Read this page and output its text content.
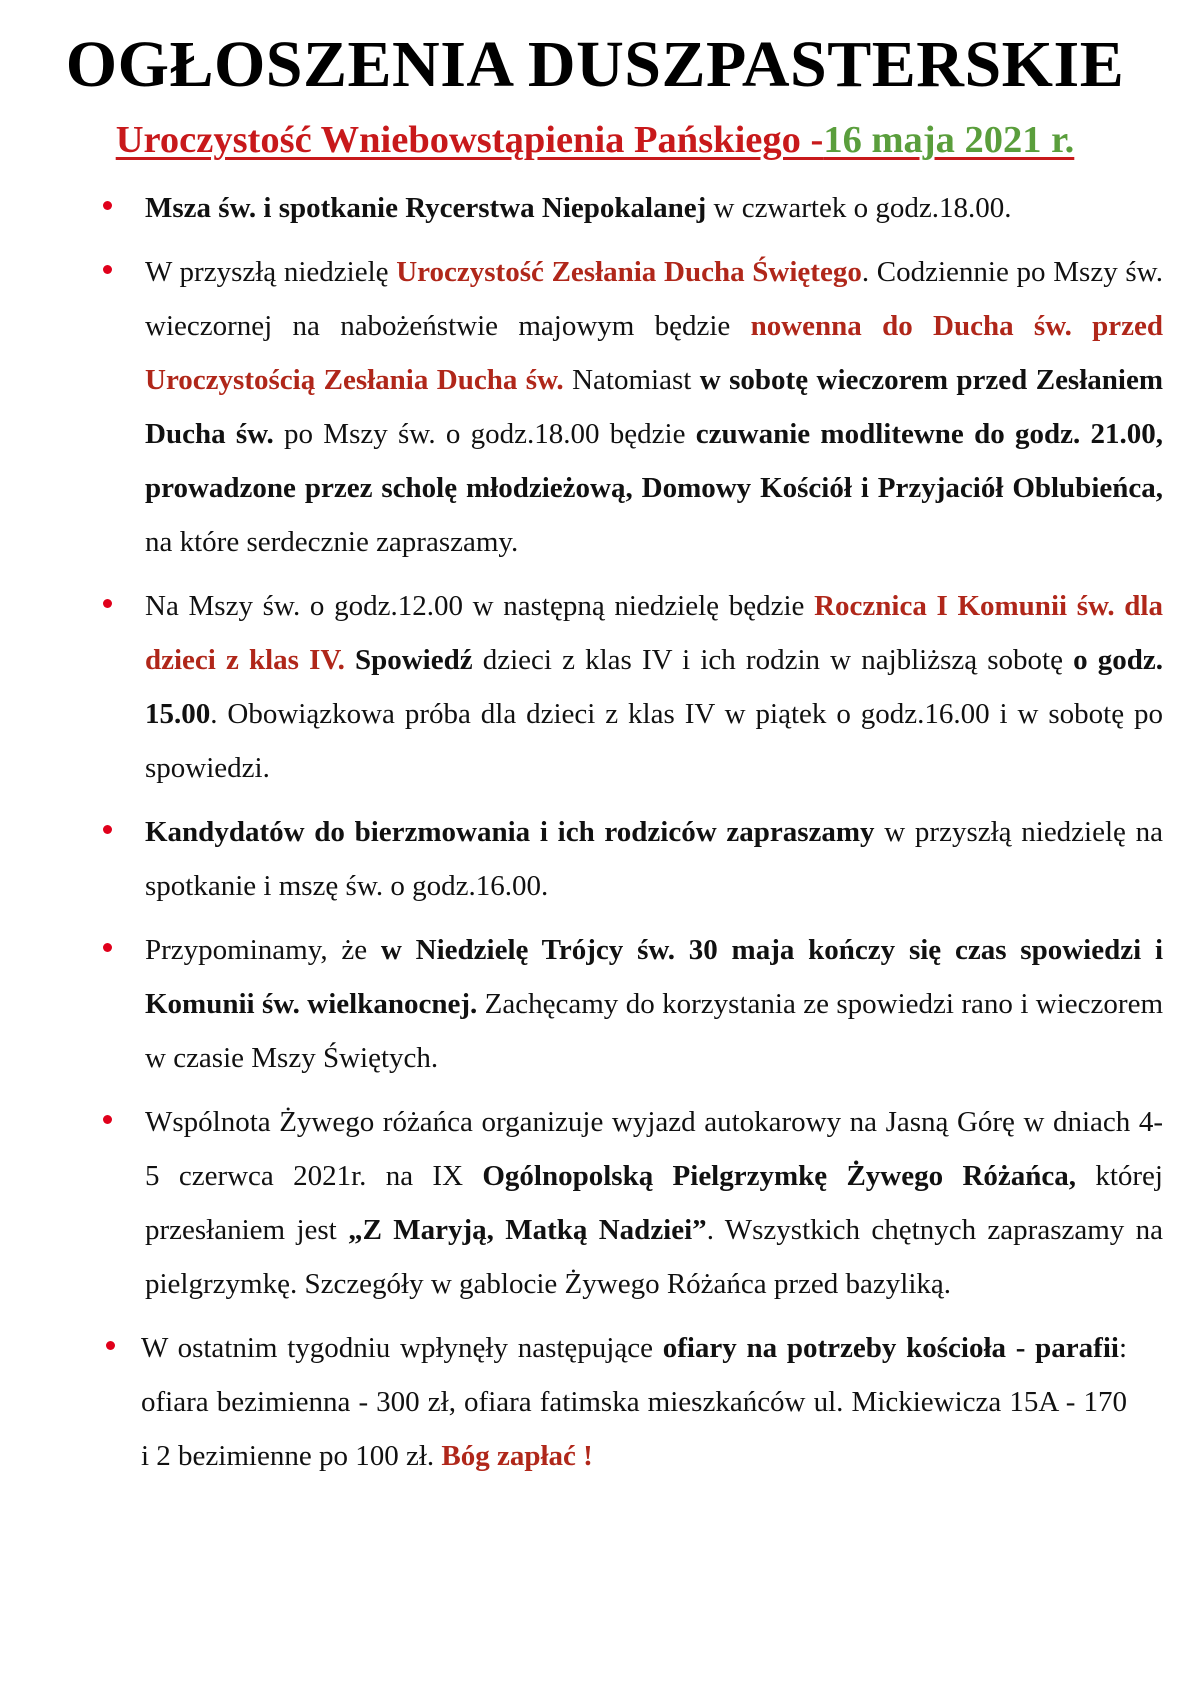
OGŁOSZENIA DUSZPASTERSKIE
Uroczystość Wniebowstąpienia Pańskiego -16 maja 2021 r.
Msza św. i spotkanie Rycerstwa Niepokalanej w czwartek o godz.18.00.
W przyszłą niedzielę Uroczystość Zesłania Ducha Świętego. Codziennie po Mszy św. wieczornej na nabożeństwie majowym będzie nowenna do Ducha św. przed Uroczystością Zesłania Ducha św. Natomiast w sobotę wieczorem przed Zesłaniem Ducha św. po Mszy św. o godz.18.00 będzie czuwanie modlitewne do godz. 21.00, prowadzone przez scholę młodzieżową, Domowy Kościół i Przyjaciół Oblubieńca, na które serdecznie zapraszamy.
Na Mszy św. o godz.12.00 w następną niedzielę będzie Rocznica I Komunii św. dla dzieci z klas IV. Spowiedź dzieci z klas IV i ich rodzin w najbliższą sobotę o godz. 15.00. Obowiązkowa próba dla dzieci z klas IV w piątek o godz.16.00 i w sobotę po spowiedzi.
Kandydatów do bierzmowania i ich rodziców zapraszamy w przyszłą niedzielę na spotkanie i mszę św. o godz.16.00.
Przypominamy, że w Niedzielę Trójcy św. 30 maja kończy się czas spowiedzi i Komunii św. wielkanocnej. Zachęcamy do korzystania ze spowiedzi rano i wieczorem w czasie Mszy Świętych.
Wspólnota Żywego różańca organizuje wyjazd autokarowy na Jasną Górę w dniach 4-5 czerwca 2021r. na IX Ogólnopolską Pielgrzymkę Żywego Różańca, której przesłaniem jest „Z Maryją, Matką Nadziei”. Wszystkich chętnych zapraszamy na pielgrzymkę. Szczegóły w gablocie Żywego Różańca przed bazyliką.
W ostatnim tygodniu wpłynęły następujące ofiary na potrzeby kościoła - parafii: ofiara bezimienna - 300 zł, ofiara fatimska mieszkańców ul. Mickiewicza 15A - 170 i 2 bezimienne po 100 zł. Bóg zapłać !
